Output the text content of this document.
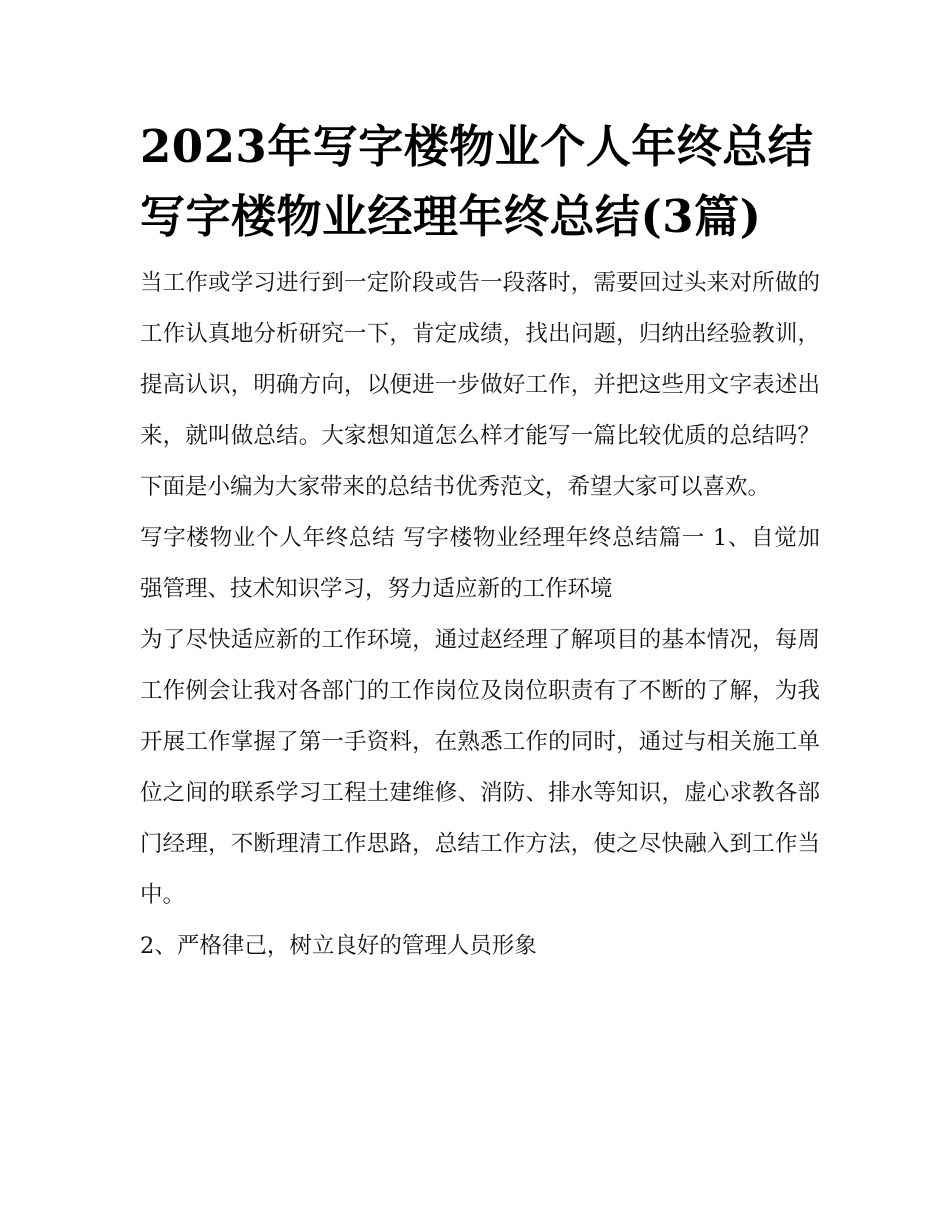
2023年写字楼物业个人年终总结 写字楼物业经理年终总结(3篇)

当工作或学习进行到一定阶段或告一段落时，需要回过头来对所做的工作认真地分析研究一下，肯定成绩，找出问题，归纳出经验教训，提高认识，明确方向，以便进一步做好工作，并把这些用文字表述出来，就叫做总结。大家想知道怎么样才能写一篇比较优质的总结吗？下面是小编为大家带来的总结书优秀范文，希望大家可以喜欢。

写字楼物业个人年终总结 写字楼物业经理年终总结篇一 1、自觉加强管理、技术知识学习，努力适应新的工作环境

为了尽快适应新的工作环境，通过赵经理了解项目的基本情况，每周工作例会让我对各部门的工作岗位及岗位职责有了不断的了解，为我开展工作掌握了第一手资料，在熟悉工作的同时，通过与相关施工单位之间的联系学习工程土建维修、消防、排水等知识，虚心求教各部门经理，不断理清工作思路，总结工作方法，使之尽快融入到工作当中。

2、严格律己，树立良好的管理人员形象
